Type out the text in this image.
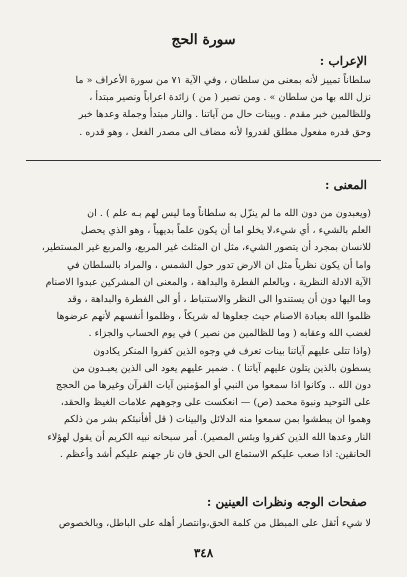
سورة الحج
الإعراب :

سلطاناً تمييز لأنه بمعنى من سلطان ، وفي الآية ٧١ من سورة الأعراف « ما

نزل الله بها من سلطان » . ومن نصير ( من ) زائدة اعراباً ونصير مبتدأ ،

وللظالمين خبر مقدم . وبينات حال من آياتنا . والنار مبتدأ وجملة وعدها خبر

وحق قدره مفعول مطلق لقدروا لأنه مضاف الى مصدر الفعل ، وهو قدره .

المعنى :

(ويعبدون من دون الله ما لم ينزّل به سلطاناً وما ليس لهم بـه علم ) . ان

العلم بالشيء ، أي شيء،لا يخلو اما أن يكون علماً بديهياً ، وهو الذي يحصل

للانسان بمجرد أن يتصور الشيء، مثل ان المثلث غير المربع، والمربع غير المستطير،

واما أن يكون نظرياً مثل ان الارض تدور حول الشمس ، والمراد بالسلطان في

الآية الادلة النظرية ، وبالعلم الفطرة والبداهة ، والمعنى ان المشركين عبدوا الاصنام

وما اليها دون أن يستندوا الى النظر والاستنباط ، أو الى الفطرة والبداهة ، وقد

ظلموا الله بعبادة الاصنام حيث جعلوها له شريكاً ، وظلموا أنفسهم لأنهم عرضوها

لغضب الله وعقابه ( وما للظالمين من نصير ) في يوم الحساب والجزاء .

(واذا تتلى عليهم آياتنا بينات تعرف في وجوه الذين كفروا المنكر يكادون

يسطون بالذين يتلون عليهم آياتنا ) . ضمير عليهم يعود الى الذين يعبـدون من

دون الله .. وكانوا اذا سمعوا من النبي أو المؤمنين آيات القرآن وغيرها من الحجج

على التوحيد ونبوة محمد (ص) — انعكست على وجوههم علامات الغيظ والحقد،

وهموا ان يبطشوا بمن سمعوا منه الدلائل والبينات ( قل أفأنبئكم بشر من ذلكم

النار وعدها الله الذين كفروا وبئس المصير). أمر سبحانه نبيه الكريم أن يقول لهؤلاء

الحانقين: اذا صعب عليكم الاستماع الى الحق فان نار جهنم عليكم أشد وأعظم .

صفحات الوجه ونظرات العينين :

لا شيء أثقل على المبطل من كلمة الحق،وانتصار أهله على الباطل، وبالخصوص

٣٤٨
